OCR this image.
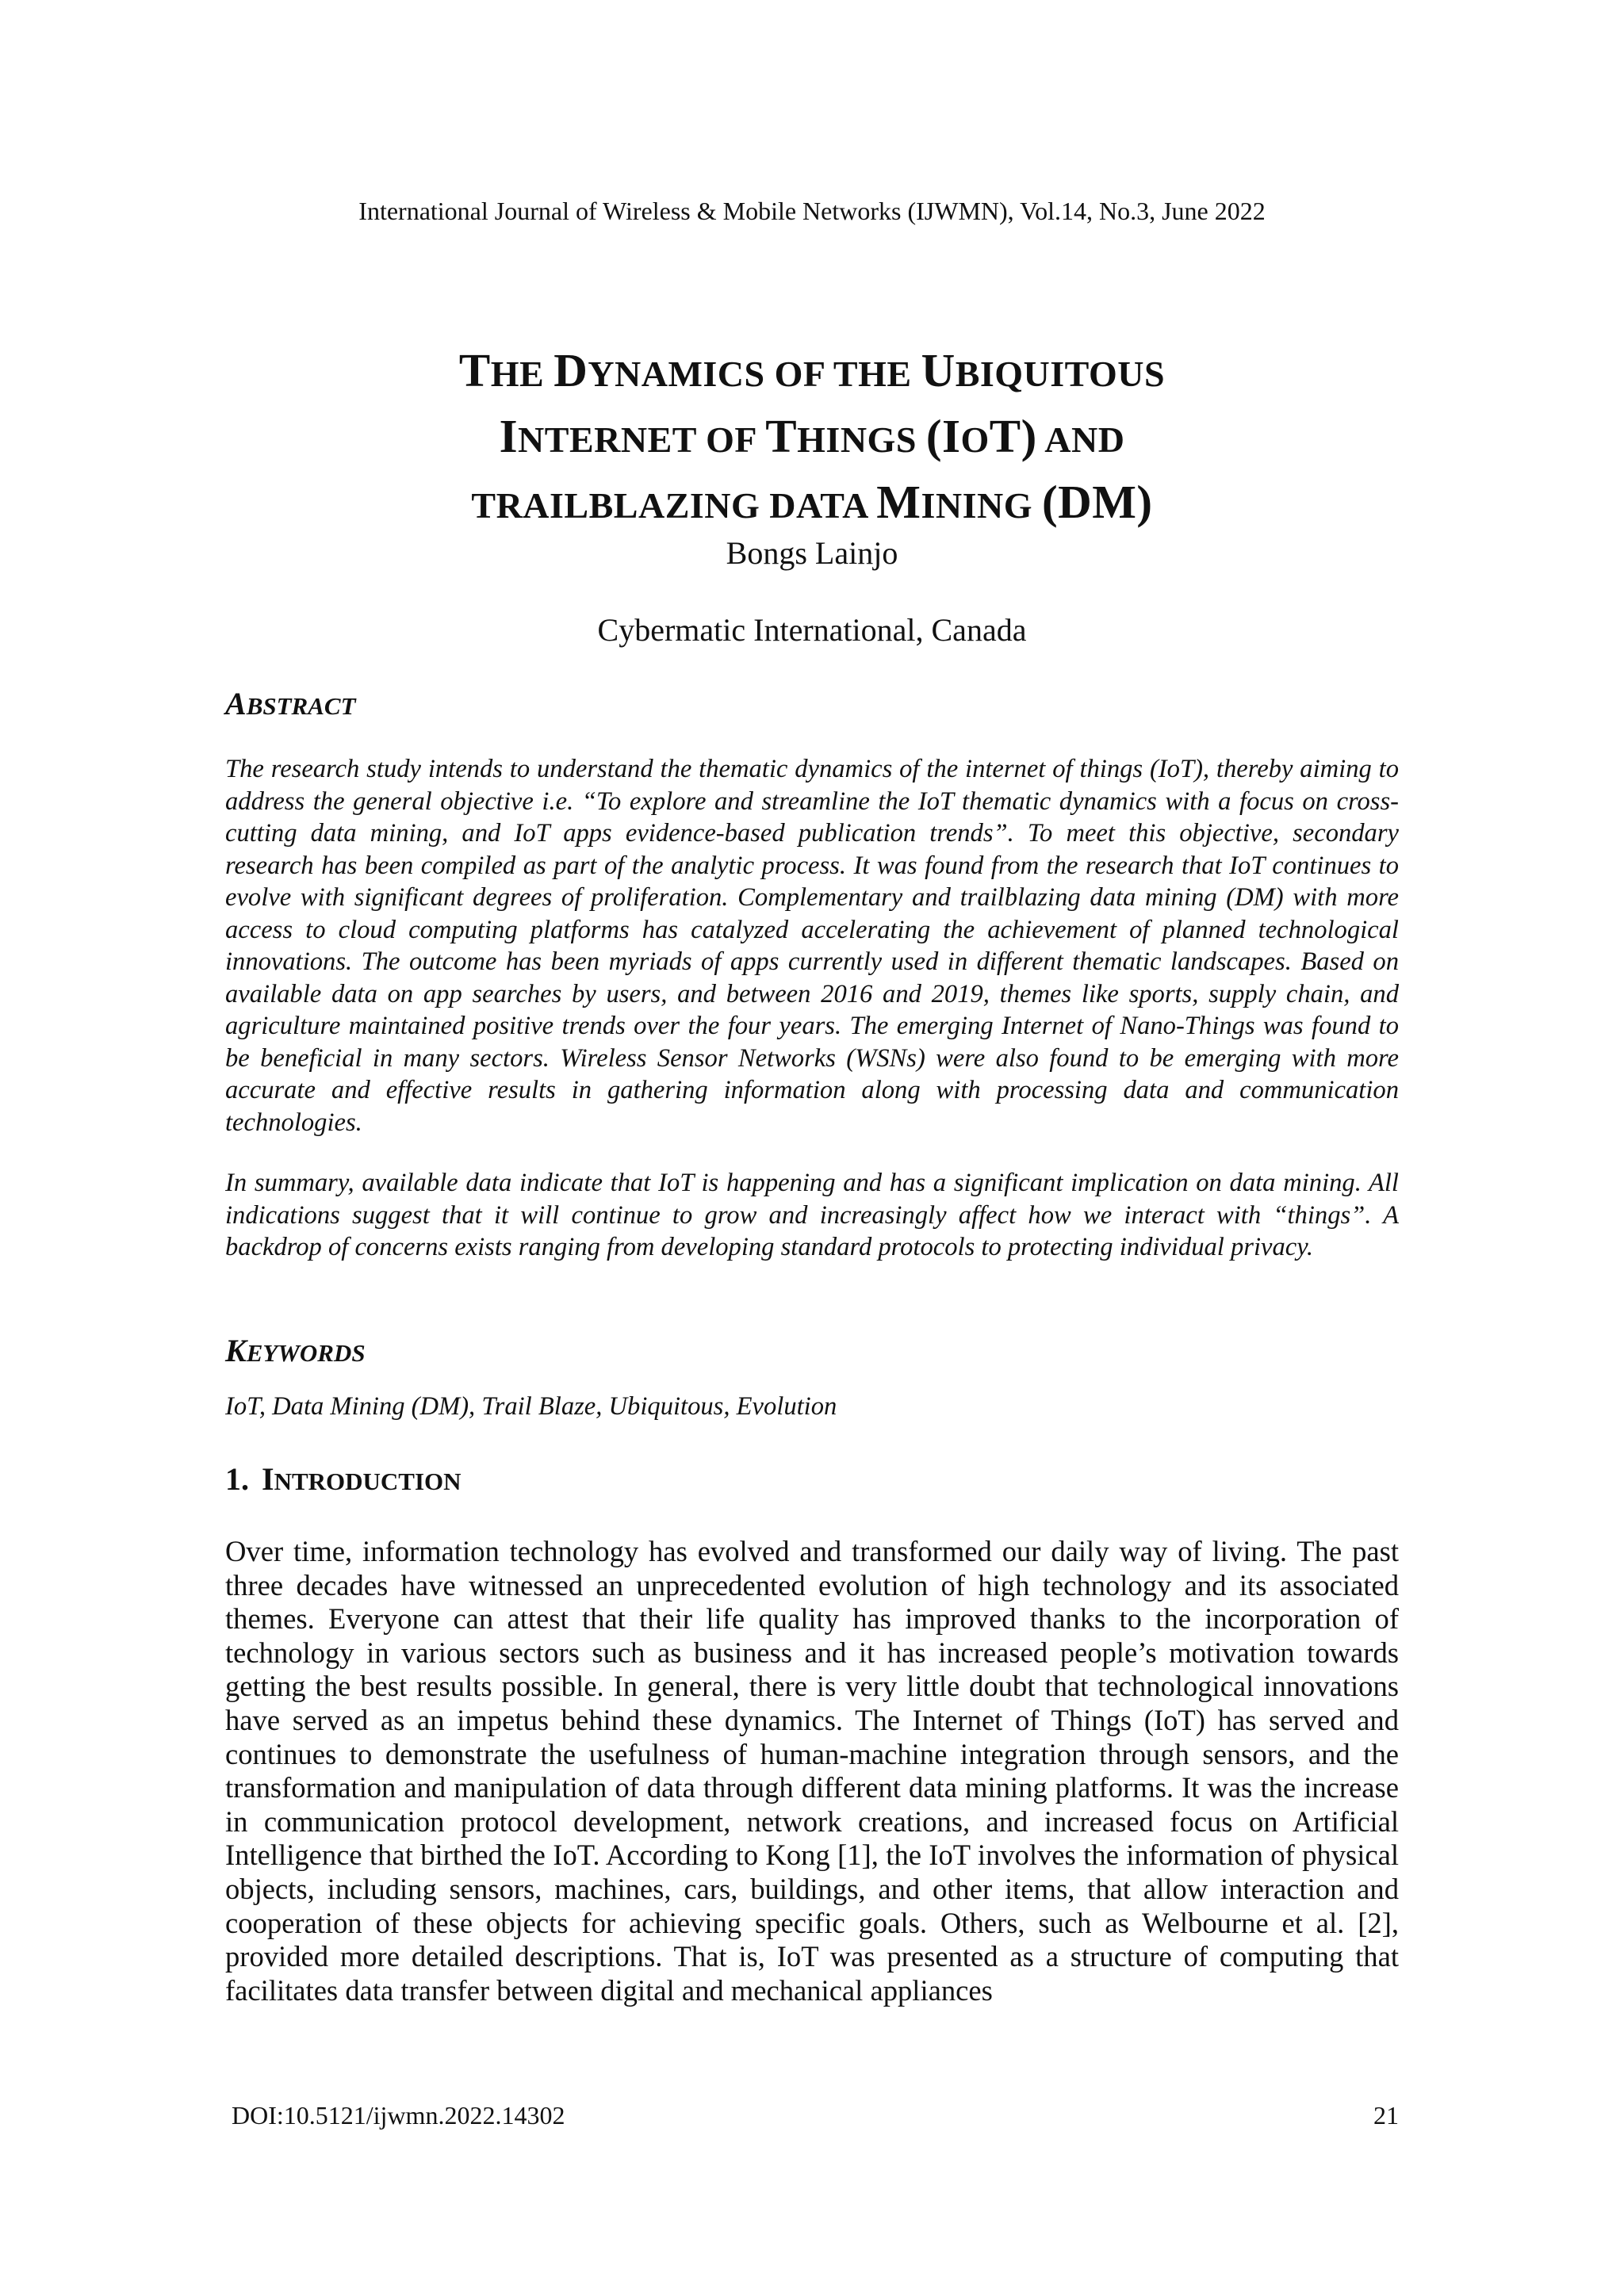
International Journal of Wireless & Mobile Networks (IJWMN), Vol.14, No.3, June 2022
THE DYNAMICS OF THE UBIQUITOUS
INTERNET OF THINGS (IOT) AND
TRAILBLAZING DATA MINING (DM)
Bongs Lainjo
Cybermatic International, Canada
ABSTRACT

The research study intends to understand the thematic dynamics of the internet of things (IoT), thereby aiming to address the general objective i.e. “To explore and streamline the IoT thematic dynamics with a focus on cross-cutting data mining, and IoT apps evidence-based publication trends”. To meet this objective, secondary research has been compiled as part of the analytic process. It was found from the research that IoT continues to evolve with significant degrees of proliferation. Complementary and trailblazing data mining (DM) with more access to cloud computing platforms has catalyzed accelerating the achievement of planned technological innovations. The outcome has been myriads of apps currently used in different thematic landscapes. Based on available data on app searches by users, and between 2016 and 2019, themes like sports, supply chain, and agriculture maintained positive trends over the four years. The emerging Internet of Nano-Things was found to be beneficial in many sectors. Wireless Sensor Networks (WSNs) were also found to be emerging with more accurate and effective results in gathering information along with processing data and communication technologies.

In summary, available data indicate that IoT is happening and has a significant implication on data mining. All indications suggest that it will continue to grow and increasingly affect how we interact with “things”. A backdrop of concerns exists ranging from developing standard protocols to protecting individual privacy.

KEYWORDS

IoT, Data Mining (DM), Trail Blaze, Ubiquitous, Evolution

1. INTRODUCTION

Over time, information technology has evolved and transformed our daily way of living. The past three decades have witnessed an unprecedented evolution of high technology and its associated themes. Everyone can attest that their life quality has improved thanks to the incorporation of technology in various sectors such as business and it has increased people’s motivation towards getting the best results possible. In general, there is very little doubt that technological innovations have served as an impetus behind these dynamics. The Internet of Things (IoT) has served and continues to demonstrate the usefulness of human-machine integration through sensors, and the transformation and manipulation of data through different data mining platforms. It was the increase in communication protocol development, network creations, and increased focus on Artificial Intelligence that birthed the IoT. According to Kong [1], the IoT involves the information of physical objects, including sensors, machines, cars, buildings, and other items, that allow interaction and cooperation of these objects for achieving specific goals. Others, such as Welbourne et al. [2], provided more detailed descriptions. That is, IoT was presented as a structure of computing that facilitates data transfer between digital and mechanical appliances

DOI:10.5121/ijwmn.2022.14302	21
